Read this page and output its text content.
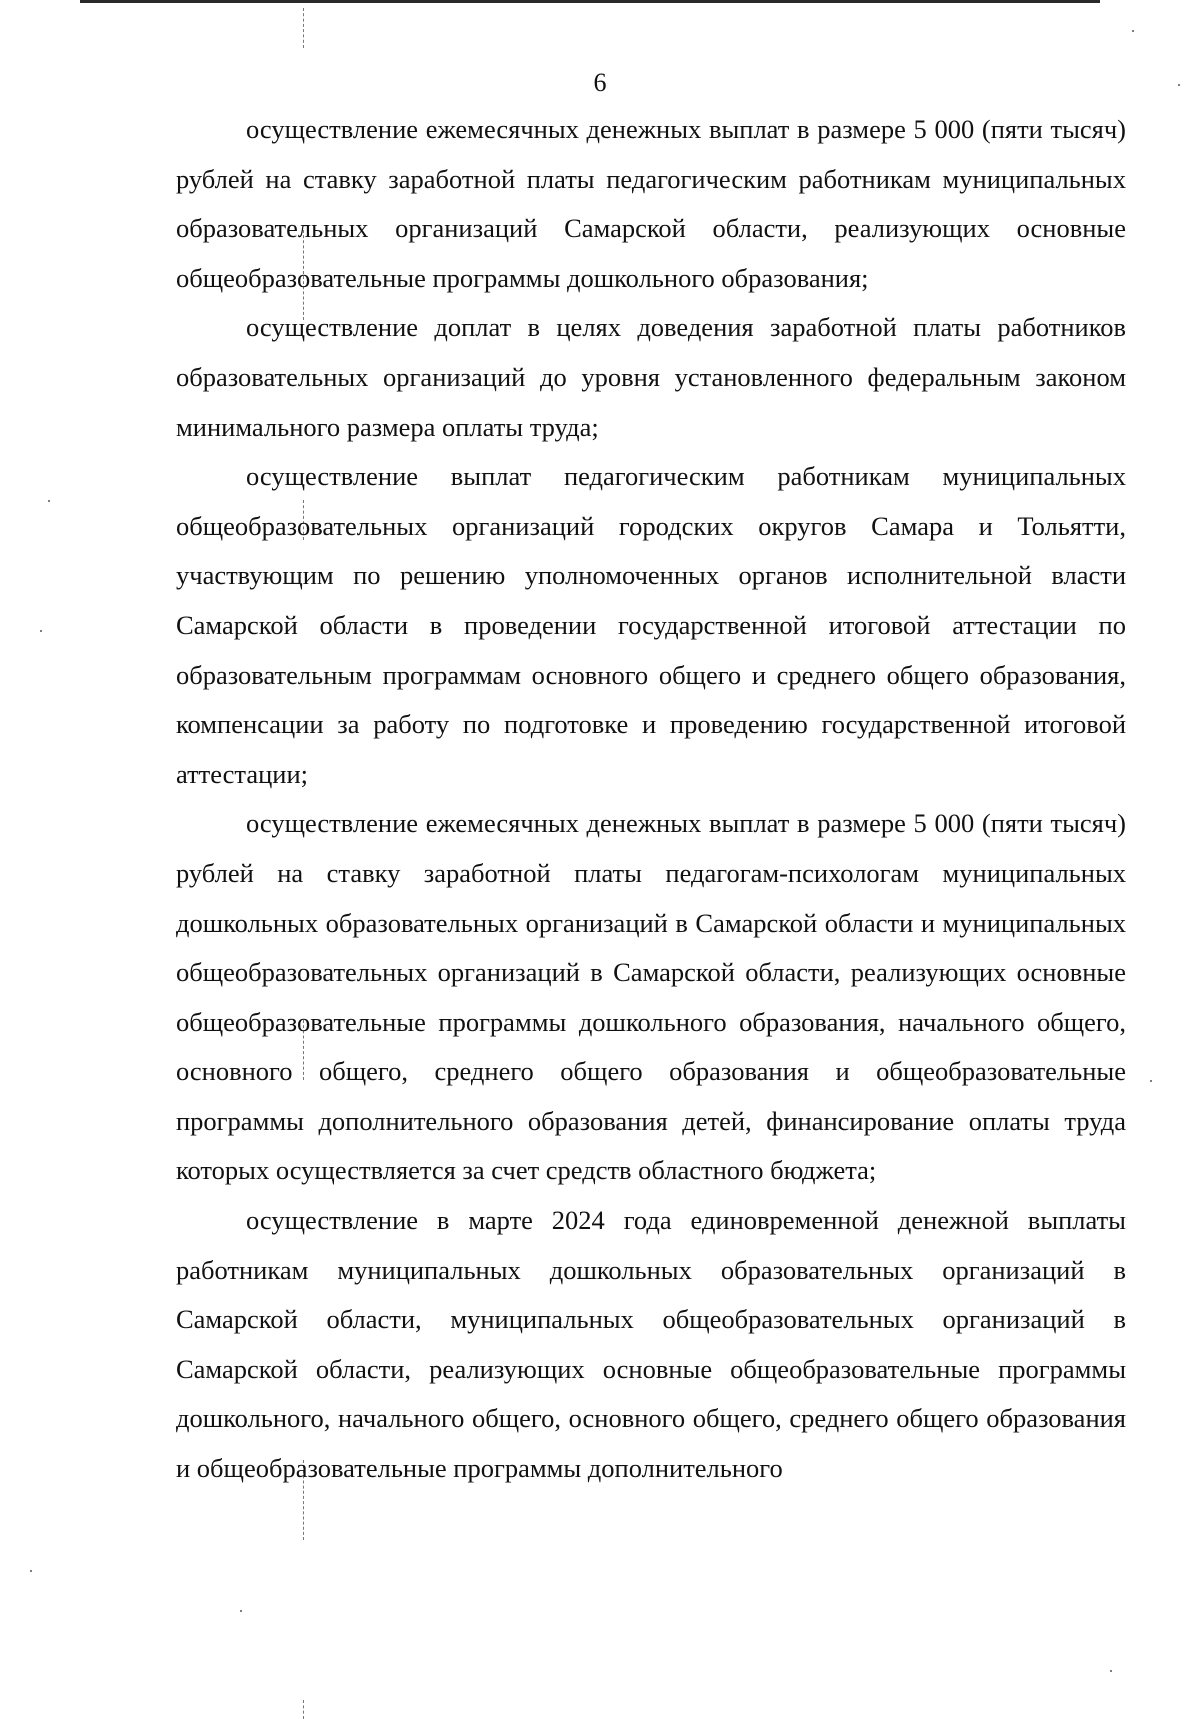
6

осуществление ежемесячных денежных выплат в размере 5 000 (пяти тысяч) рублей на ставку заработной платы педагогическим работникам муниципальных образовательных организаций Самарской области, реализующих основные общеобразовательные программы дошкольного образования;

осуществление доплат в целях доведения заработной платы работников образовательных организаций до уровня установленного федеральным законом минимального размера оплаты труда;

осуществление выплат педагогическим работникам муниципальных общеобразовательных организаций городских округов Самара и Тольятти, участвующим по решению уполномоченных органов исполнительной власти Самарской области в проведении государственной итоговой аттестации по образовательным программам основного общего и среднего общего образования, компенсации за работу по подготовке и проведению государственной итоговой аттестации;

осуществление ежемесячных денежных выплат в размере 5 000 (пяти тысяч) рублей на ставку заработной платы педагогам-психологам муниципальных дошкольных образовательных организаций в Самарской области и муниципальных общеобразовательных организаций в Самарской области, реализующих основные общеобразовательные программы дошкольного образования, начального общего, основного общего, среднего общего образования и общеобразовательные программы дополнительного образования детей, финансирование оплаты труда которых осуществляется за счет средств областного бюджета;

осуществление в марте 2024 года единовременной денежной выплаты работникам муниципальных дошкольных образовательных организаций в Самарской области, муниципальных общеобразовательных организаций в Самарской области, реализующих основные общеобразовательные программы дошкольного, начального общего, основного общего, среднего общего образования и общеобразовательные программы дополнительного
